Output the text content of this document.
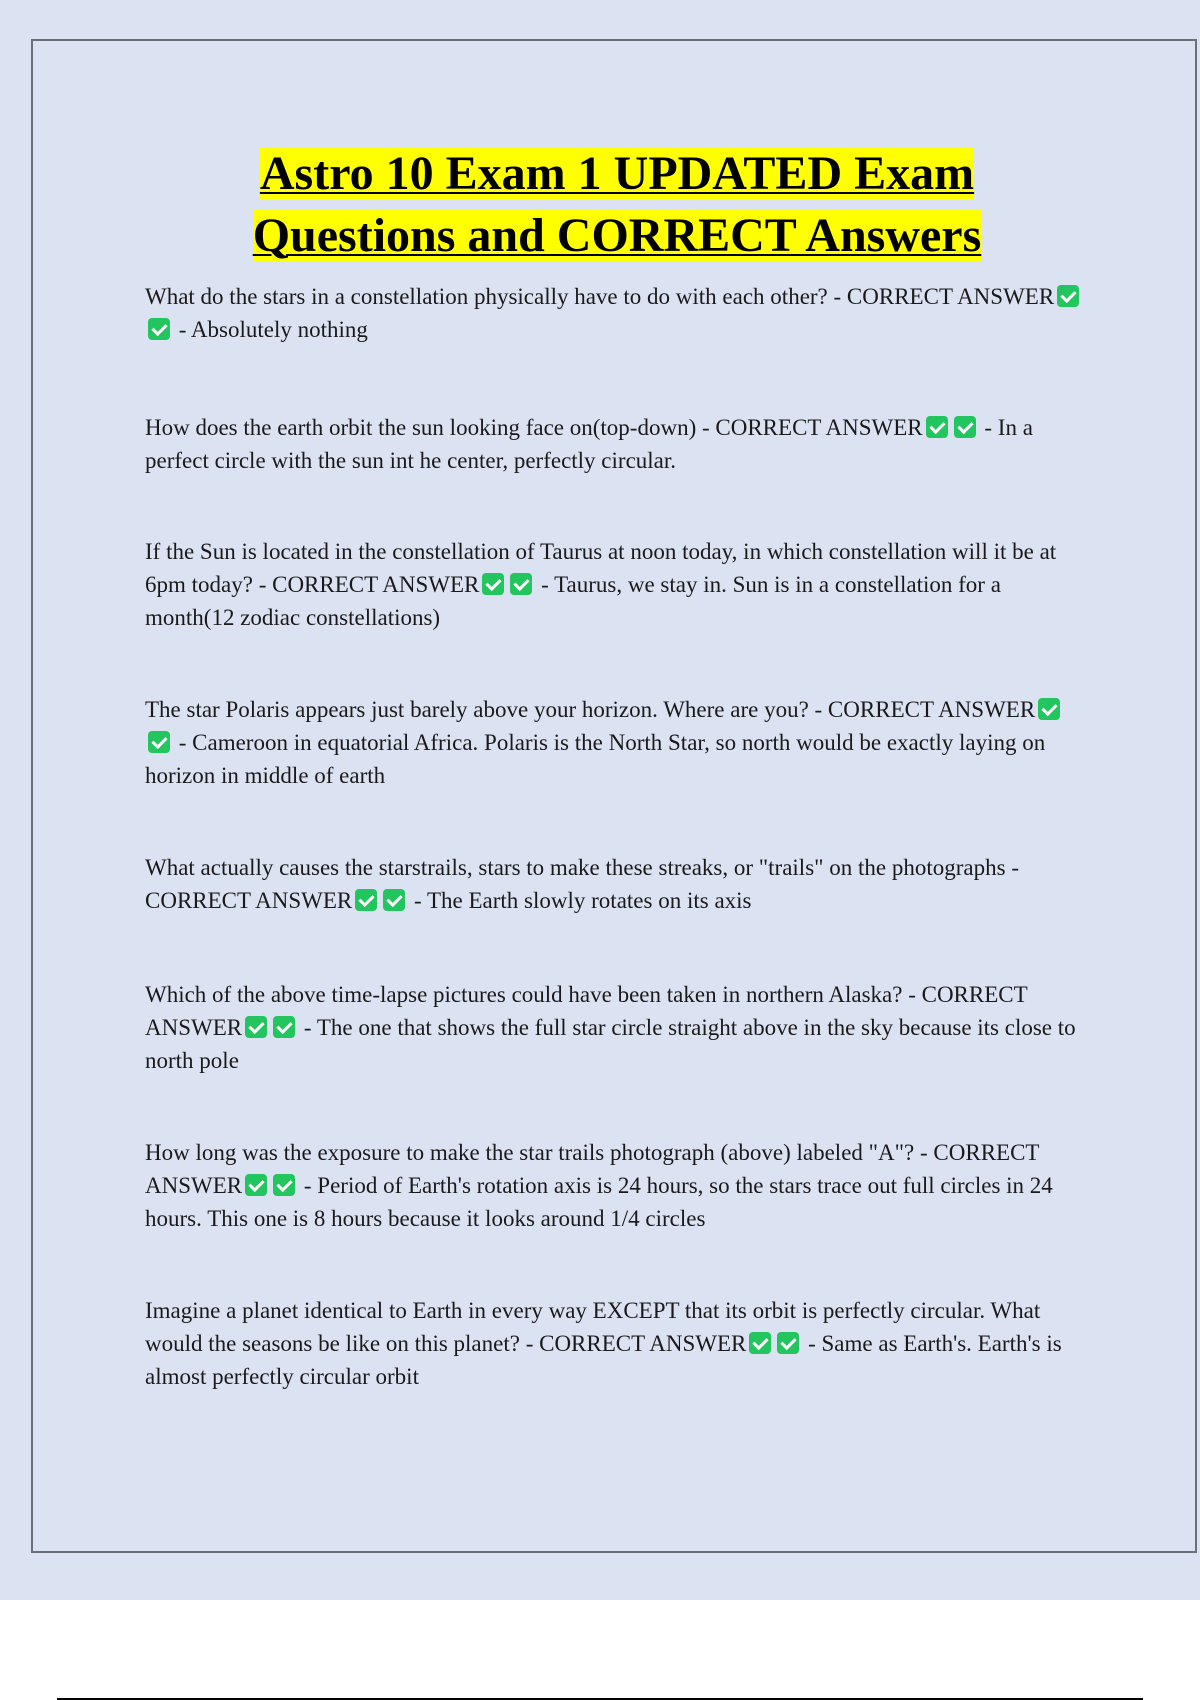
Astro 10 Exam 1 UPDATED Exam
Questions and CORRECT Answers

What do the stars in a constellation physically have to do with each other? - CORRECT ANSWER - Absolutely nothing

How does the earth orbit the sun looking face on(top-down) - CORRECT ANSWER - In a perfect circle with the sun int he center, perfectly circular.

If the Sun is located in the constellation of Taurus at noon today, in which constellation will it be at 6pm today? - CORRECT ANSWER - Taurus, we stay in. Sun is in a constellation for a month(12 zodiac constellations)

The star Polaris appears just barely above your horizon. Where are you? - CORRECT ANSWER - Cameroon in equatorial Africa. Polaris is the North Star, so north would be exactly laying on horizon in middle of earth

What actually causes the starstrails, stars to make these streaks, or "trails" on the photographs - CORRECT ANSWER - The Earth slowly rotates on its axis

Which of the above time-lapse pictures could have been taken in northern Alaska? - CORRECT ANSWER - The one that shows the full star circle straight above in the sky because its close to north pole

How long was the exposure to make the star trails photograph (above) labeled "A"? - CORRECT ANSWER - Period of Earth's rotation axis is 24 hours, so the stars trace out full circles in 24 hours. This one is 8 hours because it looks around 1/4 circles

Imagine a planet identical to Earth in every way EXCEPT that its orbit is perfectly circular. What would the seasons be like on this planet? - CORRECT ANSWER - Same as Earth's. Earth's is almost perfectly circular orbit
